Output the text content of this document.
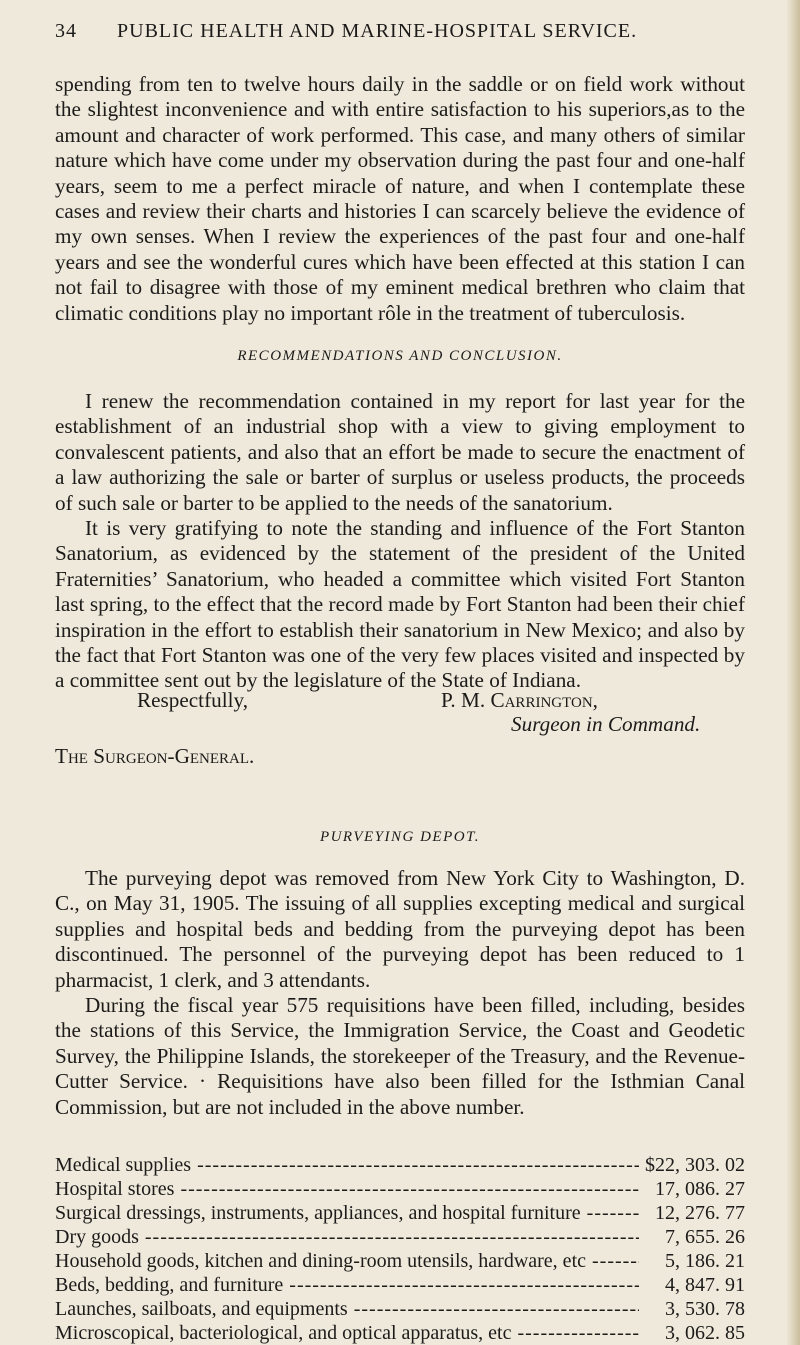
34 PUBLIC HEALTH AND MARINE-HOSPITAL SERVICE.

spending from ten to twelve hours daily in the saddle or on field work without the slightest inconvenience and with entire satisfaction to his superiors,as to the amount and character of work performed. This case, and many others of similar nature which have come under my observation during the past four and one-half years, seem to me a perfect miracle of nature, and when I contemplate these cases and review their charts and histories I can scarcely believe the evidence of my own senses. When I review the experiences of the past four and one-half years and see the wonderful cures which have been effected at this station I can not fail to disagree with those of my eminent medical brethren who claim that climatic conditions play no important rôle in the treatment of tuberculosis.

RECOMMENDATIONS AND CONCLUSION.

I renew the recommendation contained in my report for last year for the establishment of an industrial shop with a view to giving employment to convalescent patients, and also that an effort be made to secure the enactment of a law authorizing the sale or barter of surplus or useless products, the proceeds of such sale or barter to be applied to the needs of the sanatorium.

It is very gratifying to note the standing and influence of the Fort Stanton Sanatorium, as evidenced by the statement of the president of the United Fraternities’ Sanatorium, who headed a committee which visited Fort Stanton last spring, to the effect that the record made by Fort Stanton had been their chief inspiration in the effort to establish their sanatorium in New Mexico; and also by the fact that Fort Stanton was one of the very few places visited and inspected by a committee sent out by the legislature of the State of Indiana.

Respectfully,	P. M. Carrington,
Surgeon in Command.
The Surgeon-General.
PURVEYING DEPOT.

The purveying depot was removed from New York City to Washington, D. C., on May 31, 1905. The issuing of all supplies excepting medical and surgical supplies and hospital beds and bedding from the purveying depot has been discontinued. The personnel of the purveying depot has been reduced to 1 pharmacist, 1 clerk, and 3 attendants.

During the fiscal year 575 requisitions have been filled, including, besides the stations of this Service, the Immigration Service, the Coast and Geodetic Survey, the Philippine Islands, the storekeeper of the Treasury, and the Revenue-Cutter Service. · Requisitions have also been filled for the Isthmian Canal Commission, but are not included in the above number.

Medical supplies -----	$22, 303. 02
Hospital stores -----	17, 086. 27
Surgical dressings, instruments, appliances, and hospital furniture -----	12, 276. 77
Dry goods -----	7, 655. 26
Household goods, kitchen and dining-room utensils, hardware, etc -----	5, 186. 21
Beds, bedding, and furniture -----	4, 847. 91
Launches, sailboats, and equipments -----	3, 530. 78
Microscopical, bacteriological, and optical apparatus, etc -----	3, 062. 85
